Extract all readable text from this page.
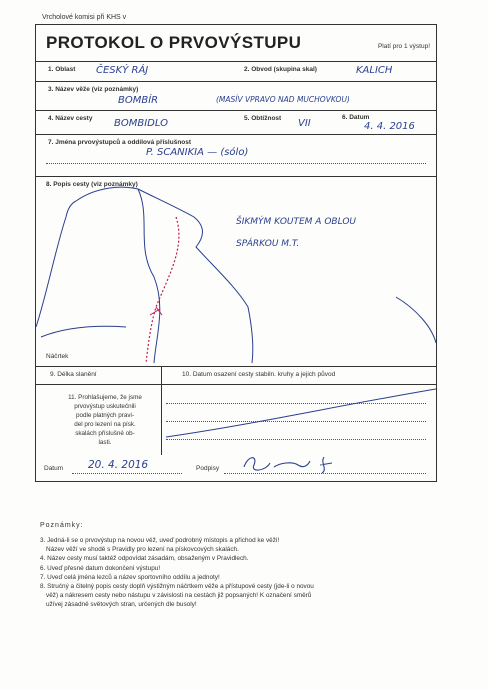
Vrcholové komisi při KHS v
PROTOKOL O PRVOVÝSTUPU	Platí pro 1 výstup!
1. Oblast ČESKÝ RÁJ	2. Obvod (skupina skal)	KALICH
3. Název věže (viz poznámky)
BOMBÍR	(MASÍV VPRAVO NAD MUCHOVKOU)
4. Název cesty BOMBIDLO	5. Obtížnost VII
6. Datum
4. 4. 2016
7. Jména prvovýstupců a oddílová příslušnost
P. SCANIKIA — (sólo)
8. Popis cesty (viz poznámky)
ŠIKMÝM KOUTEM A OBLOU
SPÁRKOU M.T.
Náčrtek
9. Délka slanění	10. Datum osazení cesty stabiln. kruhy a jejich původ
11. Prohlašujeme, že jsme
prvovýstup uskutečnili
podle platných pravi-
del pro lezení na písk.
skalách příslušné ob-
lasti.
Datum 20. 4. 2016	Podpisy
Poznámky:
3. Jedná-li se o prvovýstup na novou věž, uveď podrobný místopis a přichod ke věži!
Název věží ve shodě s Pravidly pro lezení na pískovcových skalách.
4. Název cesty musí taktéž odpovídat zásadám, obsaženým v Pravidlech.
6. Uveď přesné datum dokončení výstupu!
7. Uveď celá jména lezců a název sportovního oddílu a jednoty!
8. Stručný a čitelný popis cesty doplň výstižným náčrtkem věže a přístupové cesty (jde-li o novou
věž) a nákresem cesty nebo nástupu v závislosti na cestách již popsaných! K označení směrů
užívej zásadně světových stran, určených dle busoly!
